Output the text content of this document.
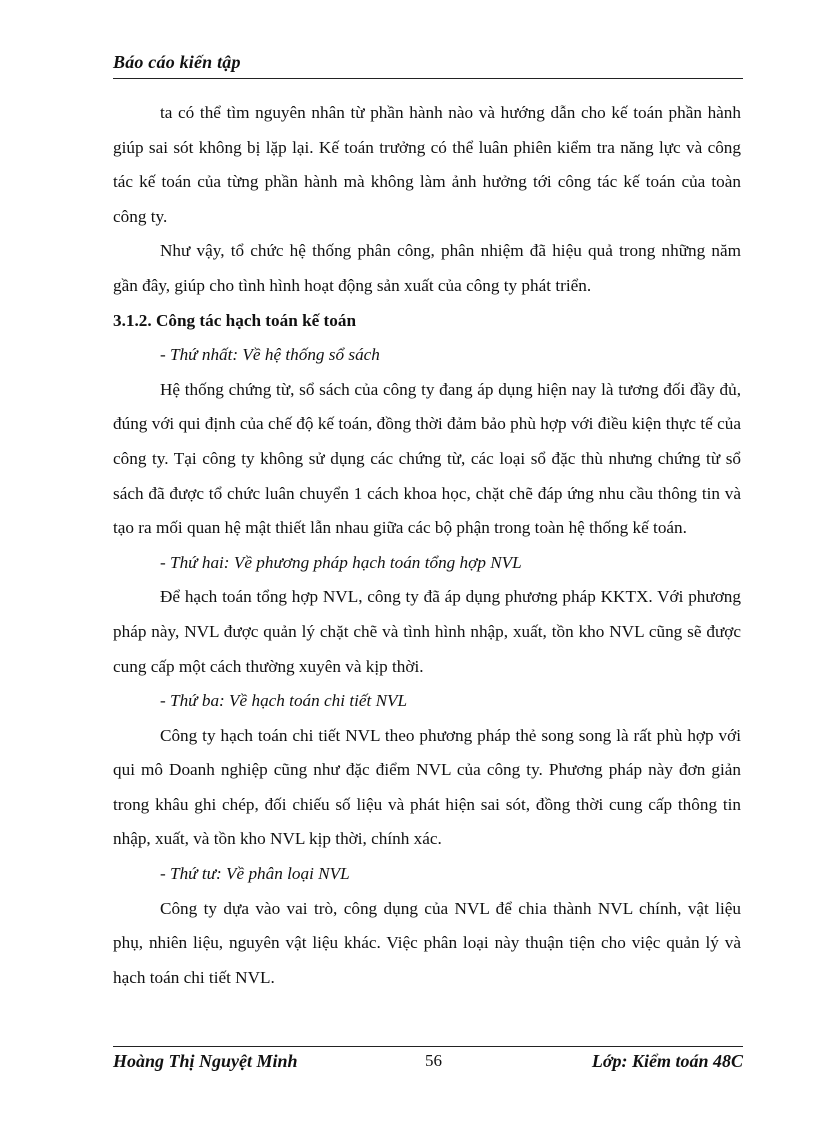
Báo cáo kiến tập

ta có thể tìm nguyên nhân từ phần hành nào và hướng dẫn cho kế toán phần hành giúp sai sót không bị lặp lại. Kế toán trưởng có thể luân phiên kiểm tra năng lực và công tác kế toán của từng phần hành mà không làm ảnh hưởng tới công tác kế toán của toàn công ty.

Như vậy, tổ chức hệ thống phân công, phân nhiệm đã hiệu quả trong những năm gần đây, giúp cho tình hình hoạt động sản xuất của công ty phát triển.

3.1.2. Công tác hạch toán kế toán

- Thứ nhất: Về hệ thống sổ sách

Hệ thống chứng từ, sổ sách của công ty đang áp dụng hiện nay là tương đối đầy đủ, đúng với qui định của chế độ kế toán, đồng thời đảm bảo phù hợp với điều kiện thực tế của công ty. Tại công ty không sử dụng các chứng từ, các loại sổ đặc thù nhưng chứng từ sổ sách đã được tổ chức luân chuyển 1 cách khoa học, chặt chẽ đáp ứng nhu cầu thông tin và tạo ra mối quan hệ mật thiết lẫn nhau giữa các bộ phận trong toàn hệ thống kế toán.

- Thứ hai: Về phương pháp hạch toán tổng hợp NVL

Để hạch toán tổng hợp NVL, công ty đã áp dụng phương pháp KKTX. Với phương pháp này, NVL được quản lý chặt chẽ và tình hình nhập, xuất, tồn kho NVL cũng sẽ được cung cấp một cách thường xuyên và kịp thời.

- Thứ ba: Về hạch toán chi tiết NVL

Công ty hạch toán chi tiết NVL theo phương pháp thẻ song song là rất phù hợp với qui mô Doanh nghiệp cũng như đặc điểm NVL của công ty. Phương pháp này đơn giản trong khâu ghi chép, đối chiếu số liệu và phát hiện sai sót, đồng thời cung cấp thông tin nhập, xuất, và tồn kho NVL kịp thời, chính xác.

- Thứ tư: Về phân loại NVL

Công ty dựa vào vai trò, công dụng của NVL để chia thành NVL chính, vật liệu phụ, nhiên liệu, nguyên vật liệu khác. Việc phân loại này thuận tiện cho việc quản lý và hạch toán chi tiết NVL.

Hoàng Thị Nguyệt Minh	56	Lớp: Kiểm toán 48C
